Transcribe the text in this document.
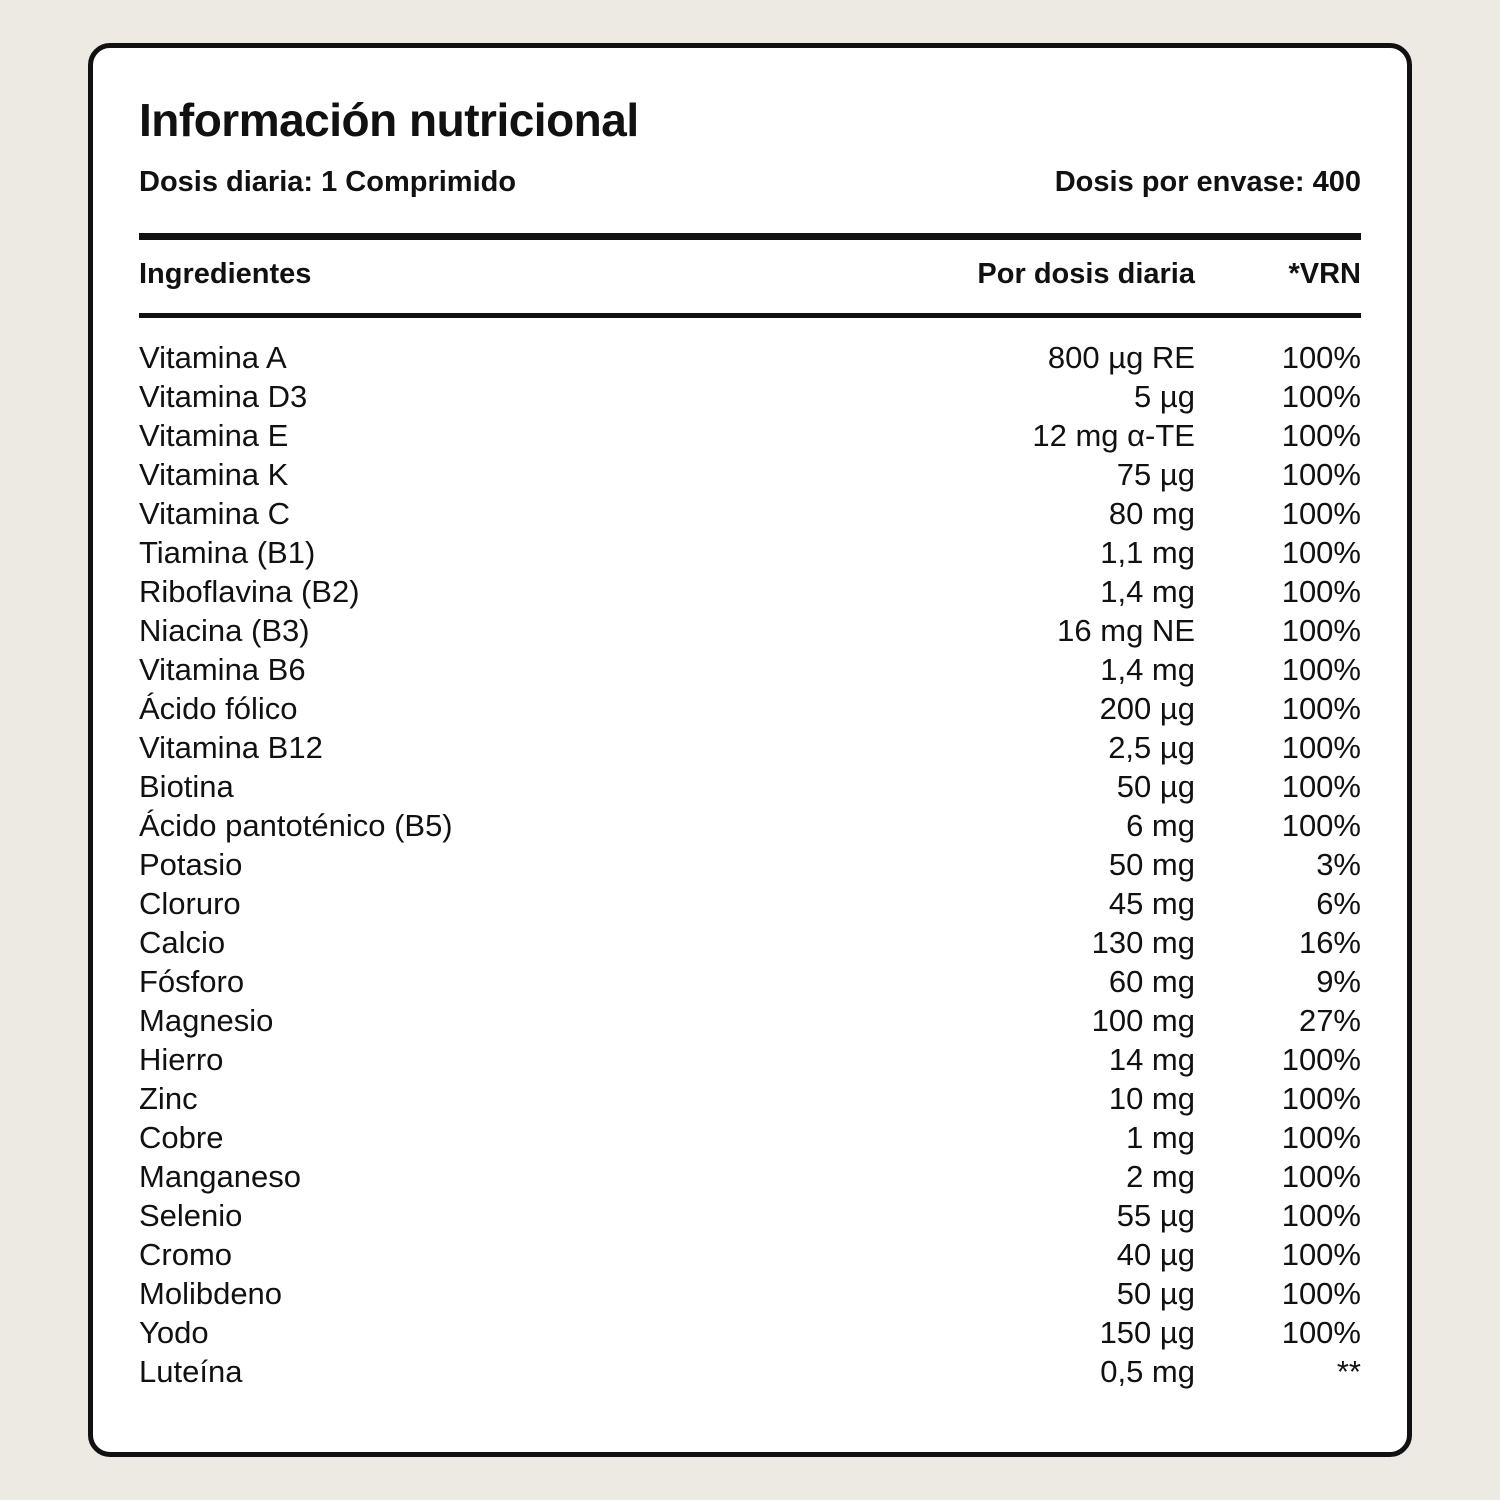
Información nutricional
Dosis diaria: 1 Comprimido	Dosis por envase: 400
Ingredientes	Por dosis diaria	*VRN
Vitamina A	800 µg RE	100%
Vitamina D3	5 µg	100%
Vitamina E	12 mg α-TE	100%
Vitamina K	75 µg	100%
Vitamina C	80 mg	100%
Tiamina (B1)	1,1 mg	100%
Riboflavina (B2)	1,4 mg	100%
Niacina (B3)	16 mg NE	100%
Vitamina B6	1,4 mg	100%
Ácido fólico	200 µg	100%
Vitamina B12	2,5 µg	100%
Biotina	50 µg	100%
Ácido pantoténico (B5)	6 mg	100%
Potasio	50 mg	3%
Cloruro	45 mg	6%
Calcio	130 mg	16%
Fósforo	60 mg	9%
Magnesio	100 mg	27%
Hierro	14 mg	100%
Zinc	10 mg	100%
Cobre	1 mg	100%
Manganeso	2 mg	100%
Selenio	55 µg	100%
Cromo	40 µg	100%
Molibdeno	50 µg	100%
Yodo	150 µg	100%
Luteína	0,5 mg	**
